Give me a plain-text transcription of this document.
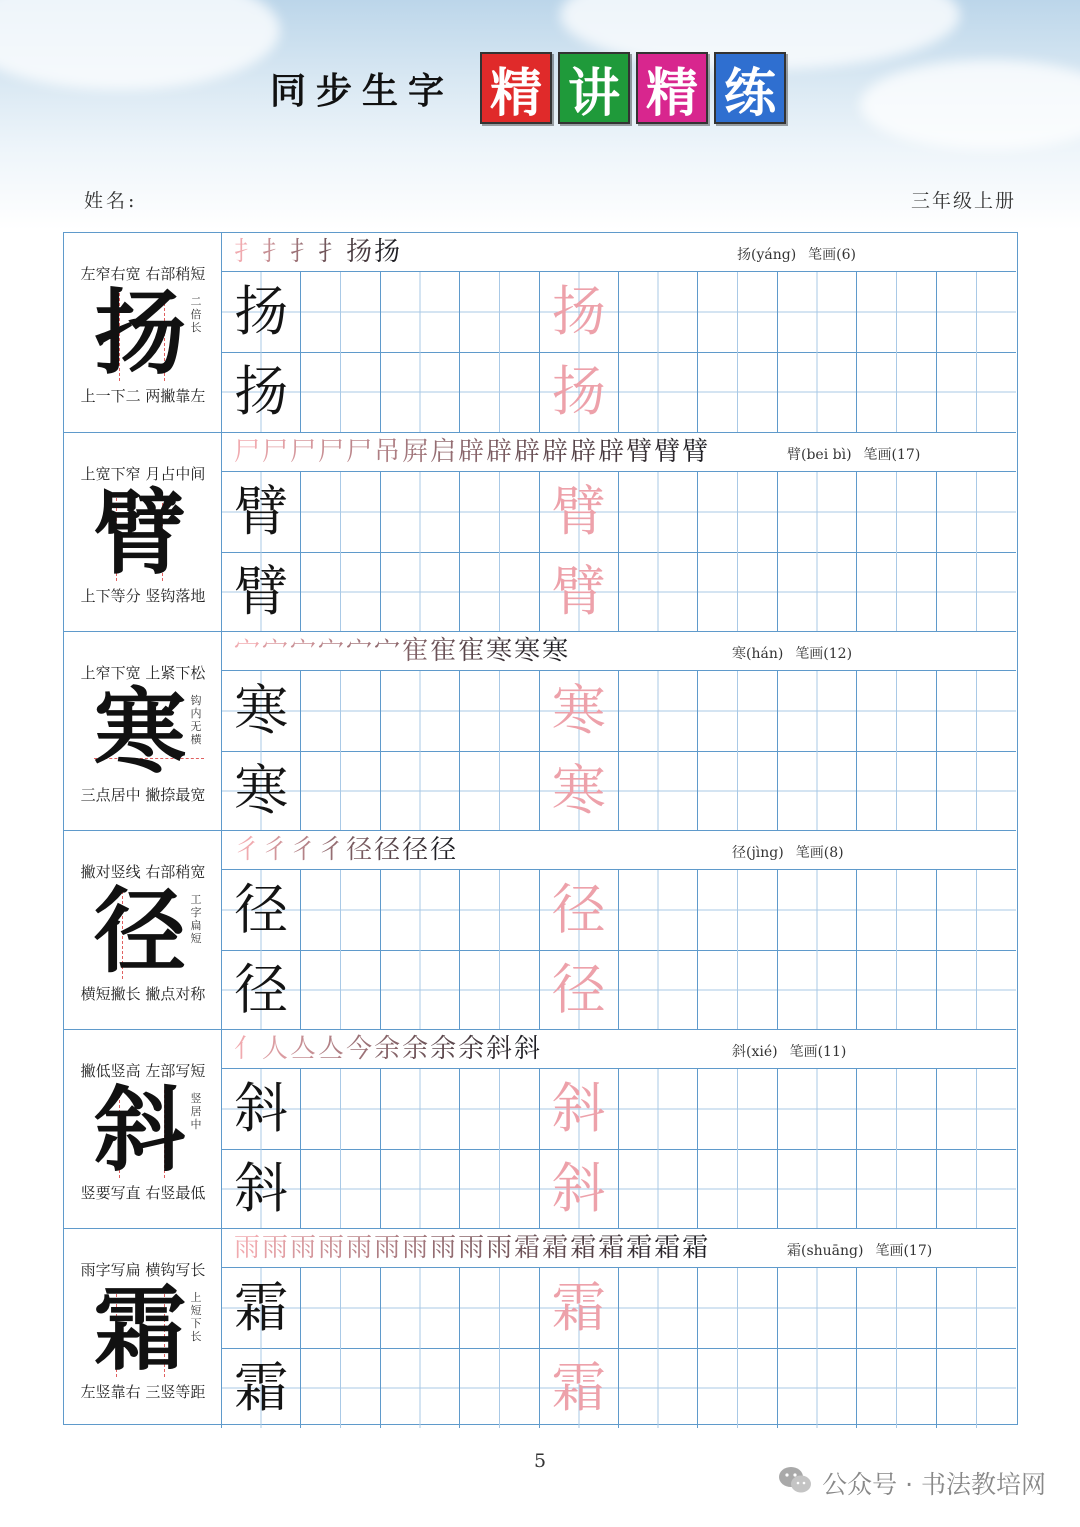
同步生字 精 讲 精 练
姓名:	三年级上册
左窄右宽 右部稍短
扬 二倍长
上一下二 两撇靠左
扌 扌 扌 扌 扬 扬	扬(yáng) 笔画(6)
扬	扬
扬	扬
上宽下窄 月占中间
臂
上下等分 竖钩落地
尸 尸 尸 尸 尸 吊 屛 启 辟 辟 辟 辟 辟 辟 臂 臂 臂	臂(bei bì) 笔画(17)
臂	臂
臂	臂
上窄下宽 上紧下松
寒 钩内无横
三点居中 撇捺最宽
宀 宀 宀 宀 宀 宀 寉 寉 寉 寒 寒 寒	寒(hán) 笔画(12)
寒	寒
寒	寒
撇对竖线 右部稍宽
径 工字扁短
横短撇长 撇点对称
彳 彳 彳 彳 径 径 径 径	径(jìng) 笔画(8)
径	径
径	径
撇低竖高 左部写短
斜 竖居中
竖要写直 右竖最低
亻 人 亼 亼 今 余 余 余 余 斜 斜	斜(xié) 笔画(11)
斜	斜
斜	斜
雨字写扁 横钩写长
霜 上短下长
左竖靠右 三竖等距
雨 雨 雨 雨 雨 雨 雨 雨 雨 雨 霜 霜 霜 霜 霜 霜 霜	霜(shuāng) 笔画(17)
霜	霜
霜	霜
5
公众号 · 书法教培网
